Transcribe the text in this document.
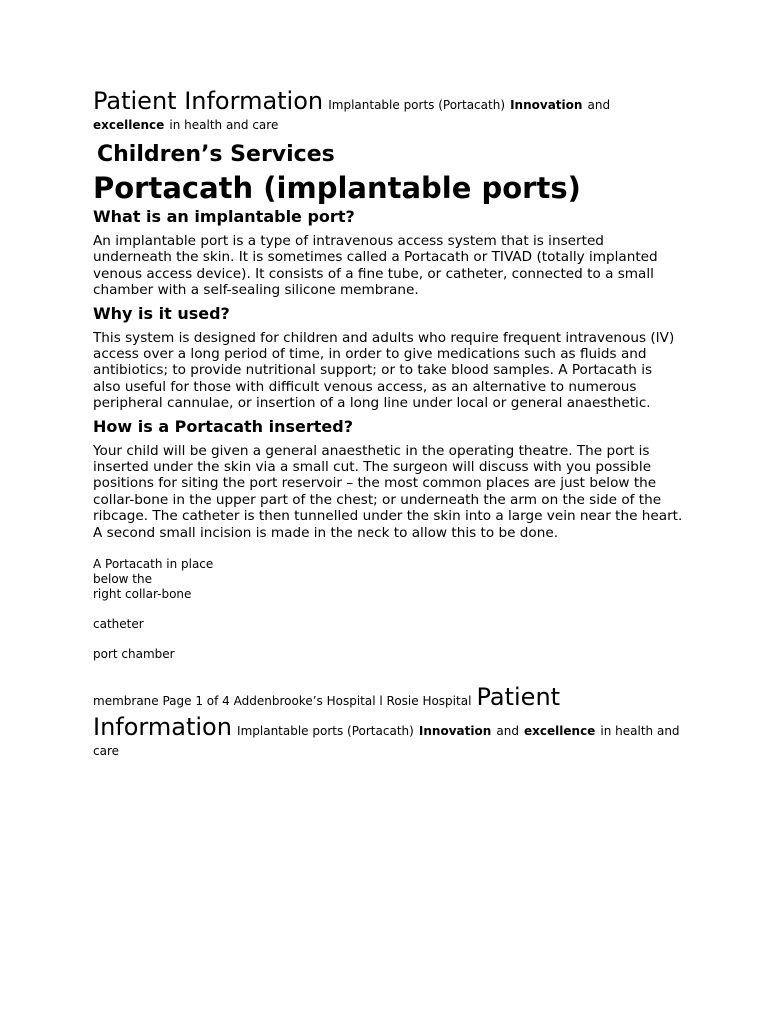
Patient Information Implantable ports (Portacath) Innovation and
excellence in health and care
Children’s Services
Portacath (implantable ports)
What is an implantable port?

An implantable port is a type of intravenous access system that is inserted underneath the skin. It is sometimes called a Portacath or TIVAD (totally implanted venous access device). It consists of a fine tube, or catheter, connected to a small chamber with a self-sealing silicone membrane.

Why is it used?

This system is designed for children and adults who require frequent intravenous (IV) access over a long period of time, in order to give medications such as fluids and antibiotics; to provide nutritional support; or to take blood samples. A Portacath is also useful for those with difficult venous access, as an alternative to numerous peripheral cannulae, or insertion of a long line under local or general anaesthetic.

How is a Portacath inserted?

Your child will be given a general anaesthetic in the operating theatre. The port is inserted under the skin via a small cut. The surgeon will discuss with you possible positions for siting the port reservoir – the most common places are just below the collar-bone in the upper part of the chest; or underneath the arm on the side of the ribcage. The catheter is then tunnelled under the skin into a large vein near the heart. A second small incision is made in the neck to allow this to be done.

A Portacath in place
below the
right collar-bone
catheter
port chamber
membrane Page 1 of 4 Addenbrooke’s Hospital l Rosie Hospital Patient
Information Implantable ports (Portacath) Innovation and excellence in health and care
